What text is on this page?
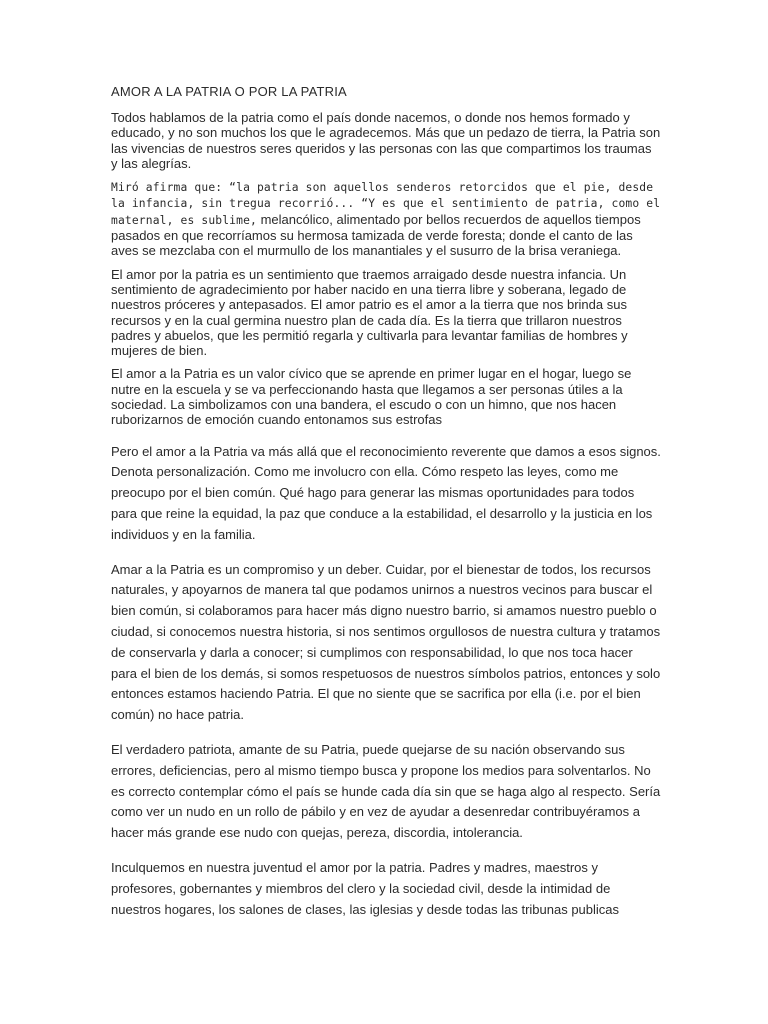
AMOR A LA PATRIA O POR LA PATRIA

Todos hablamos de la patria como el país donde nacemos, o donde nos hemos formado y educado, y no son muchos los que le agradecemos. Más que un pedazo de tierra, la Patria son las vivencias de nuestros seres queridos y las personas con las que compartimos los traumas y las alegrías.

Miró afirma que: “la patria son aquellos senderos retorcidos que el pie, desde la infancia, sin tregua recorrió... “Y es que el sentimiento de patria, como el maternal, es sublime, melancólico, alimentado por bellos recuerdos de aquellos tiempos pasados en que recorríamos su hermosa tamizada de verde foresta; donde el canto de las aves se mezclaba con el murmullo de los manantiales y el susurro de la brisa veraniega.

El amor por la patria es un sentimiento que traemos arraigado desde nuestra infancia. Un sentimiento de agradecimiento por haber nacido en una tierra libre y soberana, legado de nuestros próceres y antepasados. El amor patrio es el amor a la tierra que nos brinda sus recursos y en la cual germina nuestro plan de cada día. Es la tierra que trillaron nuestros padres y abuelos, que les permitió regarla y cultivarla para levantar familias de hombres y mujeres de bien.

El amor a la Patria es un valor cívico que se aprende en primer lugar en el hogar, luego se nutre en la escuela y se va perfeccionando hasta que llegamos a ser personas útiles a la sociedad. La simbolizamos con una bandera, el escudo o con un himno, que nos hacen ruborizarnos de emoción cuando entonamos sus estrofas

Pero el amor a la Patria va más allá que el reconocimiento reverente que damos a esos signos. Denota personalización. Como me involucro con ella. Cómo respeto las leyes, como me preocupo por el bien común. Qué hago para generar las mismas oportunidades para todos para que reine la equidad, la paz que conduce a la estabilidad, el desarrollo y la justicia en los individuos y en la familia.

Amar a la Patria es un compromiso y un deber. Cuidar, por el bienestar de todos, los recursos naturales, y apoyarnos de manera tal que podamos unirnos a nuestros vecinos para buscar el bien común, si colaboramos para hacer más digno nuestro barrio, si amamos nuestro pueblo o ciudad, si conocemos nuestra historia, si nos sentimos orgullosos de nuestra cultura y tratamos de conservarla y darla a conocer; si cumplimos con responsabilidad, lo que nos toca hacer para el bien de los demás, si somos respetuosos de nuestros símbolos patrios, entonces y solo entonces estamos haciendo Patria. El que no siente que se sacrifica por ella (i.e. por el bien común) no hace patria.

El verdadero patriota, amante de su Patria, puede quejarse de su nación observando sus errores, deficiencias, pero al mismo tiempo busca y propone los medios para solventarlos. No es correcto contemplar cómo el país se hunde cada día sin que se haga algo al respecto. Sería como ver un nudo en un rollo de pábilo y en vez de ayudar a desenredar contribuyéramos a hacer más grande ese nudo con quejas, pereza, discordia, intolerancia.

Inculquemos en nuestra juventud el amor por la patria. Padres y madres, maestros y profesores, gobernantes y miembros del clero y la sociedad civil, desde la intimidad de nuestros hogares, los salones de clases, las iglesias y desde todas las tribunas publicas
